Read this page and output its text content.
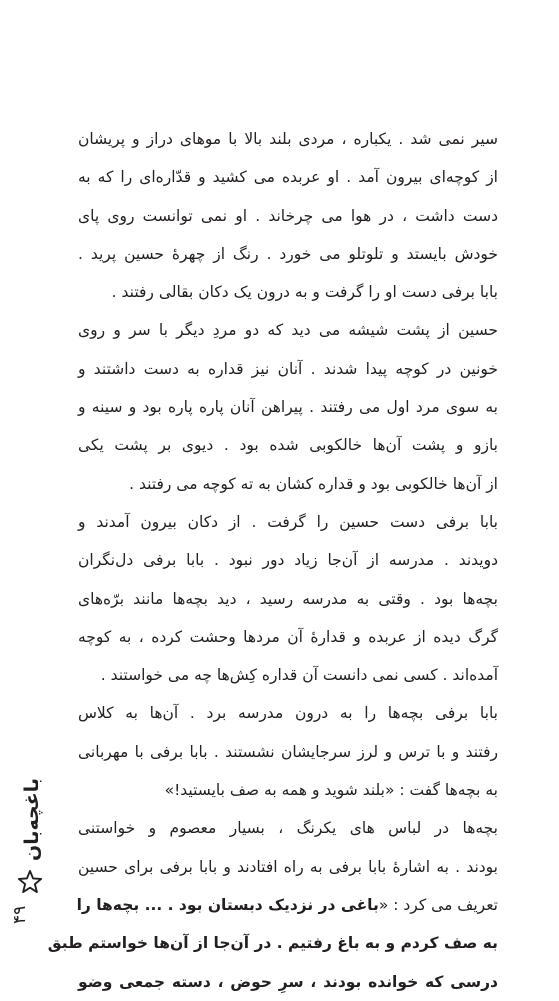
سیر نمی شد . یکباره ، مردی بلند بالا با موهای دراز و پریشان
از کوچه‌ای بیرون آمد . او عربده می کشید و قدّاره‌ای را که به
دست داشت ، در هوا می چرخاند . او نمی توانست روی پای
خودش بایستد و تلوتلو می خورد . رنگ از چهرهٔ حسین پرید .
بابا برفی دست او را گرفت و به درون یک دکان بقالی رفتند .
حسین از پشت شیشه می دید که دو مردِ دیگر با سر و روی
خونین در کوچه پیدا شدند . آنان نیز قداره به دست داشتند و
به سوی مرد اول می رفتند . پیراهن آنان پاره پاره بود و سینه و
بازو و پشت آن‌ها خالکوبی شده بود . دیوی بر پشت یکی
از آن‌ها خالکوبی بود و قداره کشان به ته کوچه می رفتند .
بابا برفی دست حسین را گرفت . از دکان بیرون آمدند و
دویدند . مدرسه از آن‌جا زیاد دور نبود . بابا برفی دل‌نگران
بچه‌ها بود . وقتی به مدرسه رسید ، دید بچه‌ها مانند برّه‌های
گرگ دیده از عربده و قدارهٔ آن مردها وحشت کرده ، به کوچه
آمده‌اند . کسی نمی دانست آن قداره کِش‌ها چه می خواستند .
بابا برفی بچه‌ها را به درون مدرسه برد . آن‌ها به کلاس
رفتند و با ترس و لرز سرجایشان نشستند . بابا برفی با مهربانی
به بچه‌ها گفت : «بلند شوید و همه به صف بایستید!»
بچه‌ها در لباس های یکرنگ ، بسیار معصوم و خواستنی
بودند . به اشارهٔ بابا برفی به راه افتادند و بابا برفی برای حسین
تعریف می کرد : «باغی در نزدیک دبستان بود . ... بچه‌ها را
به صف کردم و به باغ رفتیم . در آن‌جا از آن‌ها خواستم طبق
درسی که خوانده بودند ، سرِ حوض ، دسته جمعی وضو
باغچه‌بان
۴۹
